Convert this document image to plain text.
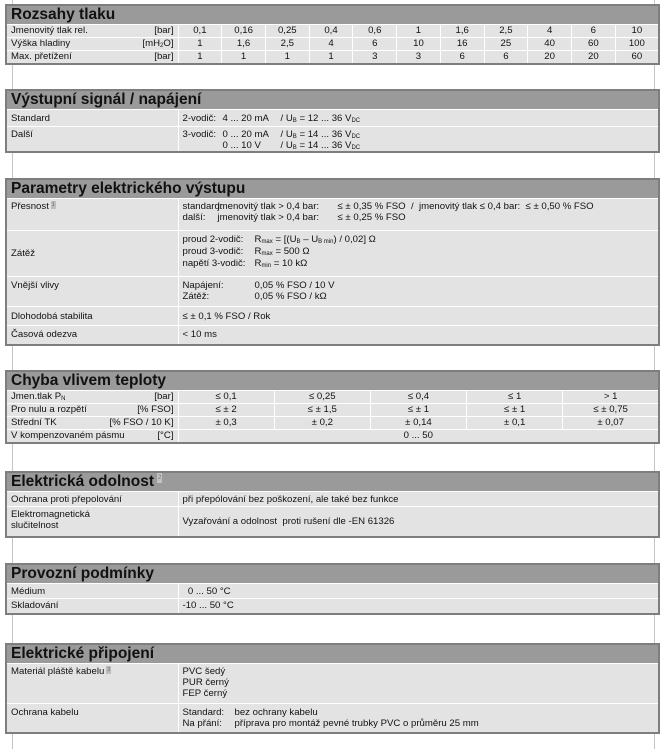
Rozsahy tlaku											

Jmenovitý tlak rel. [bar]	0,1	0,16	0,25	0,4	0,6	1	1,6	2,5	4	6	10

Výška hladiny $[mH_2O]$	1	1,6	2,5	4	6	10	16	25	40	60	100

Max. přetížení [bar]	1	1	1	1	3	3	6	6	20	20	60
Výstupní signál / napájení	
Standard	2-vodič: 4 ... 20 mA / $U_B = 12$ ... 36 $V_{DC}$
Další	3-vodič: 0 ... 20 mA / $U_B = 14$ ... 36 $V_{DC}$
0 ... 10 $V / U_B = 14$ ... 36 $V_{DC}$
Parametry elektrického výstupu	
Přesnost 1	standard:jmenovitý tlak > 0,4 bar: ≤ ± 0,35 % FSO  /  jmenovitý tlak ≤ 0,4 bar:  ≤ ± 0,50 % FSO
další: jmenovitý tlak > 0,4 bar: ≤ ± 0,25 % FSO

Zátěž	proud 2-vodič: $R_{max} = [(U_B - U_{B min}) / 0,02]$ Ω
proud 3-vodič: $R_{max} = 500$ Ω
napětí 3-vodič: $R_{min} = 10$ kΩ

Vnější vlivy	Napájení: 0,05 % FSO / 10 V
Zátěž: 0,05 % FSO / kΩ

Dlohodobá stabilita	≤ ± 0,1 % FSO / Rok
Časová odezva	< 10 ms
Chyba vlivem teploty					

Jmen.tlak $P_N$ [bar]	≤ 0,1	≤ 0,25	≤ 0,4	≤ 1	> 1

Pro nulu a rozpětí [% FSO]	≤ ± 2	≤ ± 1,5	≤ ± 1	≤ ± 1	≤ ± 0,75

Střední TK [% FSO / 10 K]	± 0,3	± 0,2	± 0,14	± 0,1	± 0,07

V kompenzovaném pásmu [°C]	0 ... 50				
Elektrická odolnost 2	
Ochrana proti přepolování	při přepólování bez poškození, ale také bez funkce

Elektromagnetická
slučitelnost	Vyzařování a odolnost  proti rušení dle -EN 61326
Provozní podmínky	
Médium	0 ... 50 °C
Skladování	-10 ... 50 °C
Elektrické připojení	
Materiál pláště kabelu 3	PVC šedý
PUR černý
FEP černý

Ochrana kabelu	Standard: bez ochrany kabelu
Na přání: příprava pro montáž pevné trubky PVC o průměru 25 mm
